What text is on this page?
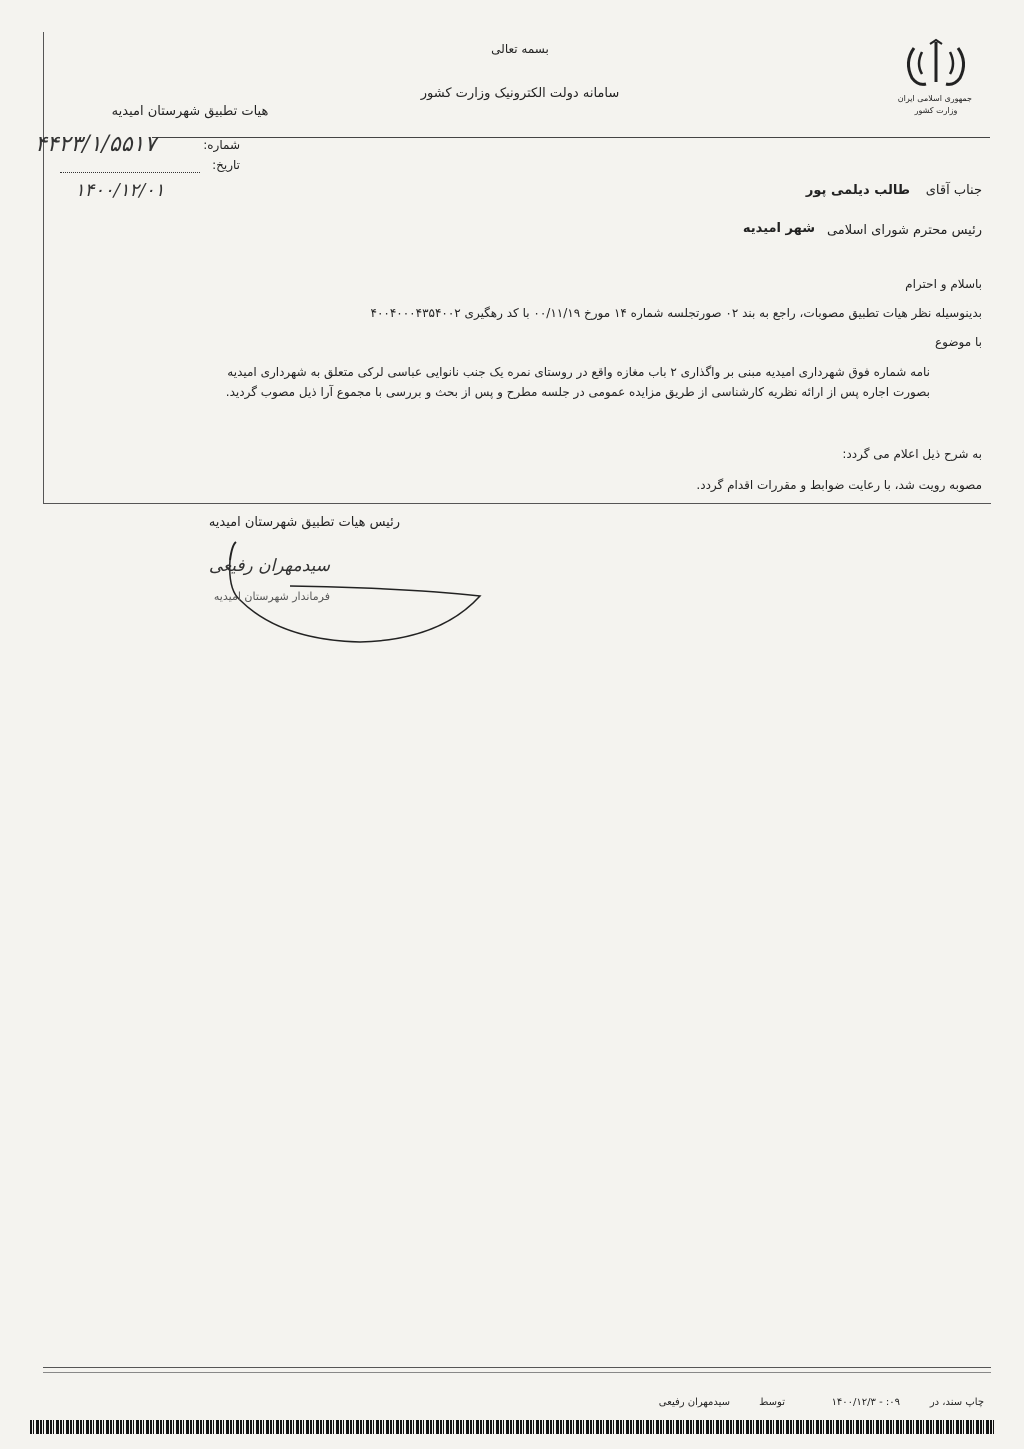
جمهوری اسلامی ایران
وزارت کشور
بسمه تعالی
سامانه دولت الکترونیک وزارت کشور
هیات تطبیق شهرستان امیدیه
شماره:
۴۴۲۳/۱/۵۵۱۷
تاریخ:
۱۴۰۰/۱۲/۰۱	جناب آقای
طالب دیلمی پور
رئیس محترم شورای اسلامی
شهر امیدیه
باسلام و احترام
بدینوسیله نظر هیات تطبیق مصوبات، راجع به بند ۰۲ صورتجلسه شماره ۱۴ مورخ ۰۰/۱۱/۱۹ با کد رهگیری ۴۰۰۴۰۰۰۴۳۵۴۰۰۲
با موضوع
نامه شماره فوق شهرداری امیدیه مبنی بر واگذاری ۲ باب مغازه واقع در روستای نمره یک جنب نانوایی عباسی لرکی متعلق به شهرداری امیدیه
بصورت اجاره پس از ارائه نظریه کارشناسی از طریق مزایده عمومی در جلسه مطرح و پس از بحث و بررسی با مجموع آرا ذیل مصوب گردید.
به شرح ذیل اعلام می گردد:
مصوبه رویت شد، با رعایت ضوابط و مقررات اقدام گردد.
رئیس هیات تطبیق شهرستان امیدیه
سیدمهران رفیعی
فرماندار شهرستان امیدیه
چاپ سند، در
۰۹: - ۱۴۰۰/۱۲/۳
توسط
سیدمهران رفیعی
